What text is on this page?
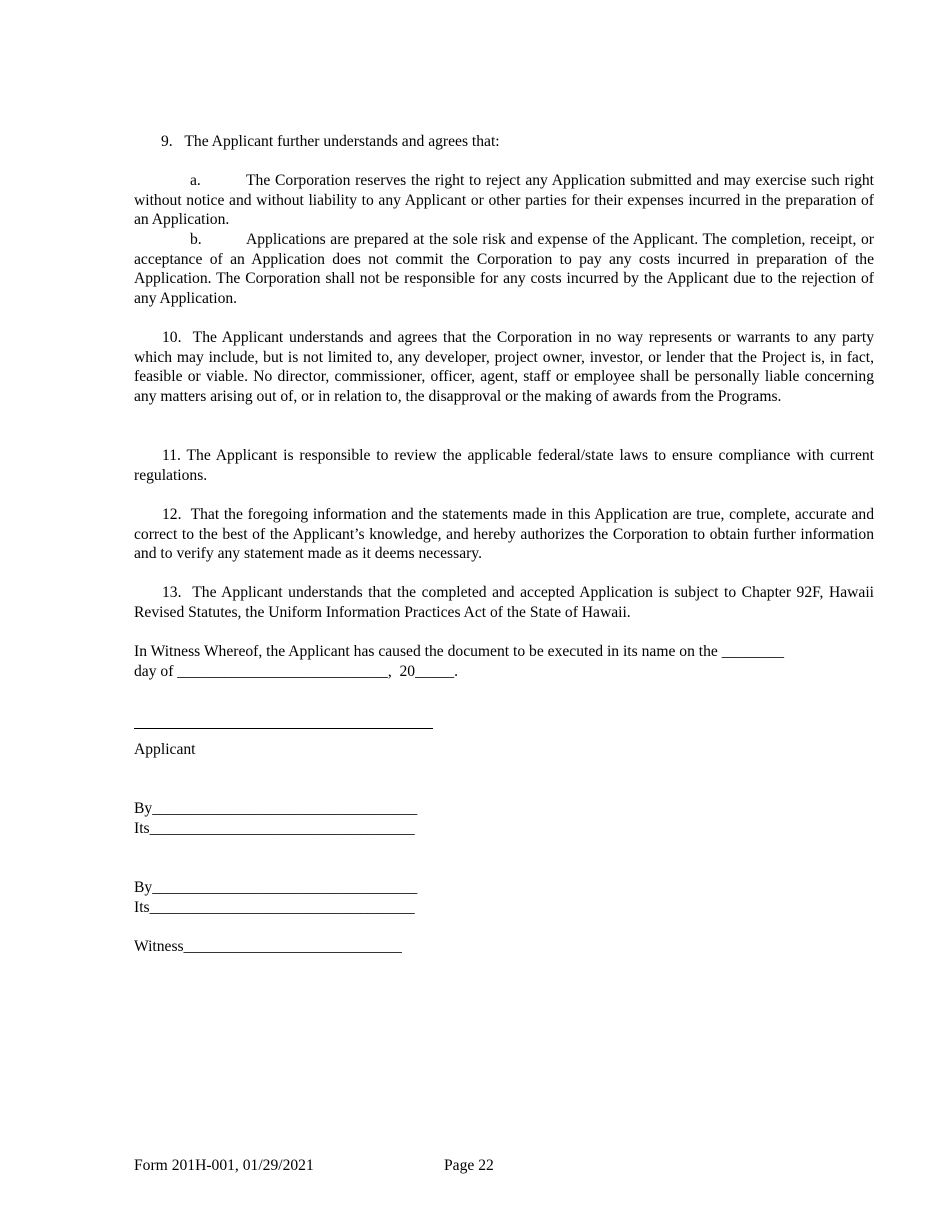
9. The Applicant further understands and agrees that:
a.	The Corporation reserves the right to reject any Application submitted and may exercise such right without notice and without liability to any Applicant or other parties for their expenses incurred in the preparation of an Application.
b.	Applications are prepared at the sole risk and expense of the Applicant. The completion, receipt, or acceptance of an Application does not commit the Corporation to pay any costs incurred in preparation of the Application. The Corporation shall not be responsible for any costs incurred by the Applicant due to the rejection of any Application.
10. The Applicant understands and agrees that the Corporation in no way represents or warrants to any party which may include, but is not limited to, any developer, project owner, investor, or lender that the Project is, in fact, feasible or viable. No director, commissioner, officer, agent, staff or employee shall be personally liable concerning any matters arising out of, or in relation to, the disapproval or the making of awards from the Programs.
11. The Applicant is responsible to review the applicable federal/state laws to ensure compliance with current regulations.
12. That the foregoing information and the statements made in this Application are true, complete, accurate and correct to the best of the Applicant’s knowledge, and hereby authorizes the Corporation to obtain further information and to verify any statement made as it deems necessary.
13. The Applicant understands that the completed and accepted Application is subject to Chapter 92F, Hawaii Revised Statutes, the Uniform Information Practices Act of the State of Hawaii.
In Witness Whereof, the Applicant has caused the document to be executed in its name on the ________
day of ___________________________,  20_____.
Applicant
By__________________________________
Its__________________________________
By__________________________________
Its__________________________________
Witness____________________________
Form 201H-001, 01/29/2021	Page 22
